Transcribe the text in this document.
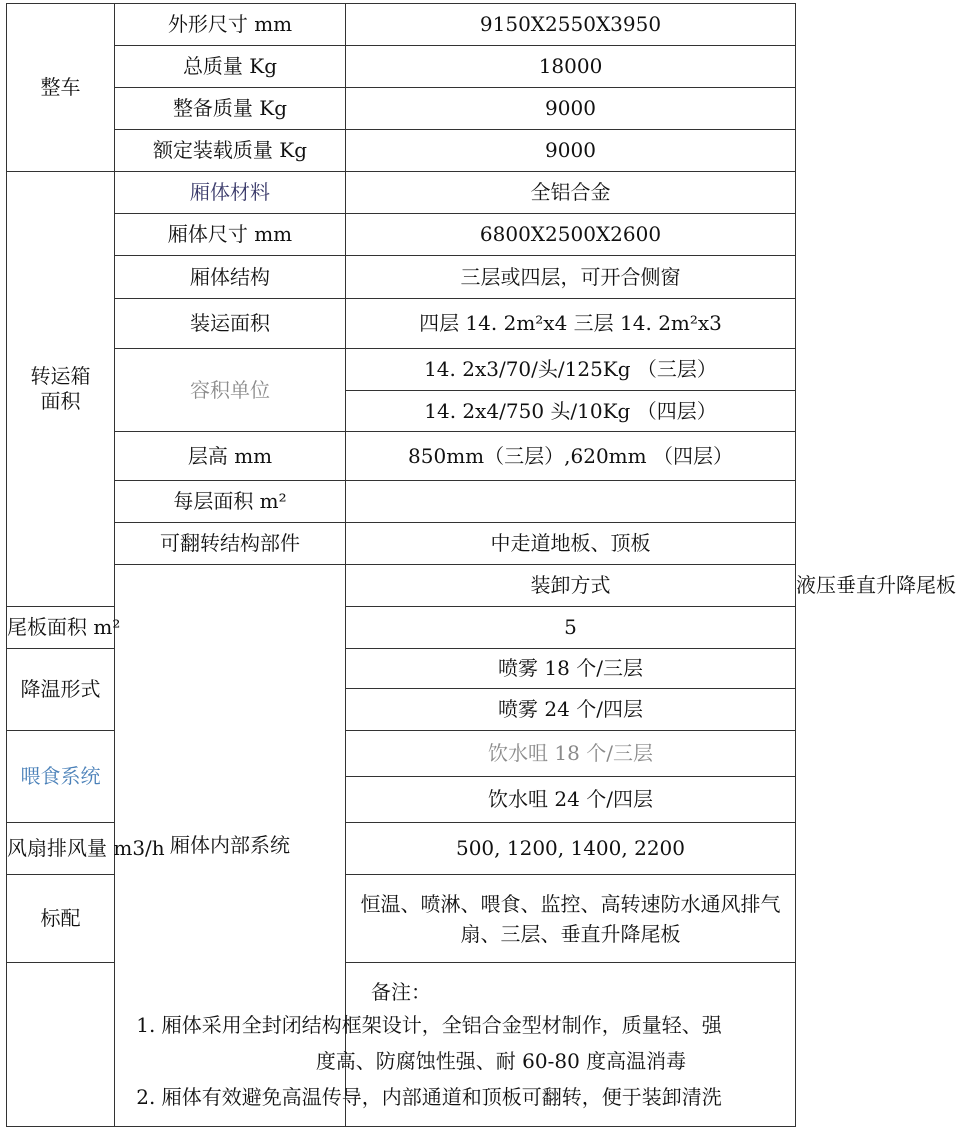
整车	外形尺寸 mm	9150X2550X3950	
	总质量 Kg	18000	
	整备质量 Kg	9000	
	额定装载质量 Kg	9000	
转运箱面积	厢体材料	全铝合金	
	厢体尺寸 mm	6800X2500X2600	
	厢体结构	三层或四层，可开合侧窗	
	装运面积	四层 14. 2m²x4 三层 14. 2m²x3	
	容积单位	14. 2x3/70/头/125Kg （三层）	
		14. 2x4/750 头/10Kg （四层）	
	层高 mm	850mm（三层）,620mm （四层）	
	每层面积 m²		
	可翻转结构部件	中走道地板、顶板	
	厢体内部系统	装卸方式	液压垂直升降尾板
尾板面积 m²		5	
降温形式		喷雾 18 个/三层	
		喷雾 24 个/四层	
喂食系统		饮水咀 18 个/三层	
		饮水咀 24 个/四层	
风扇排风量 m3/h		500, 1200, 1400, 2200	
标配		恒温、喷淋、喂食、监控、高转速防水通风排气扇、三层、垂直升降尾板	

备注：
1. 厢体采用全封闭结构框架设计，全铝合金型材制作，质量轻、强
度高、防腐蚀性强、耐 60-80 度高温消毒
2. 厢体有效避免高温传导，内部通道和顶板可翻转，便于装卸清洗			
